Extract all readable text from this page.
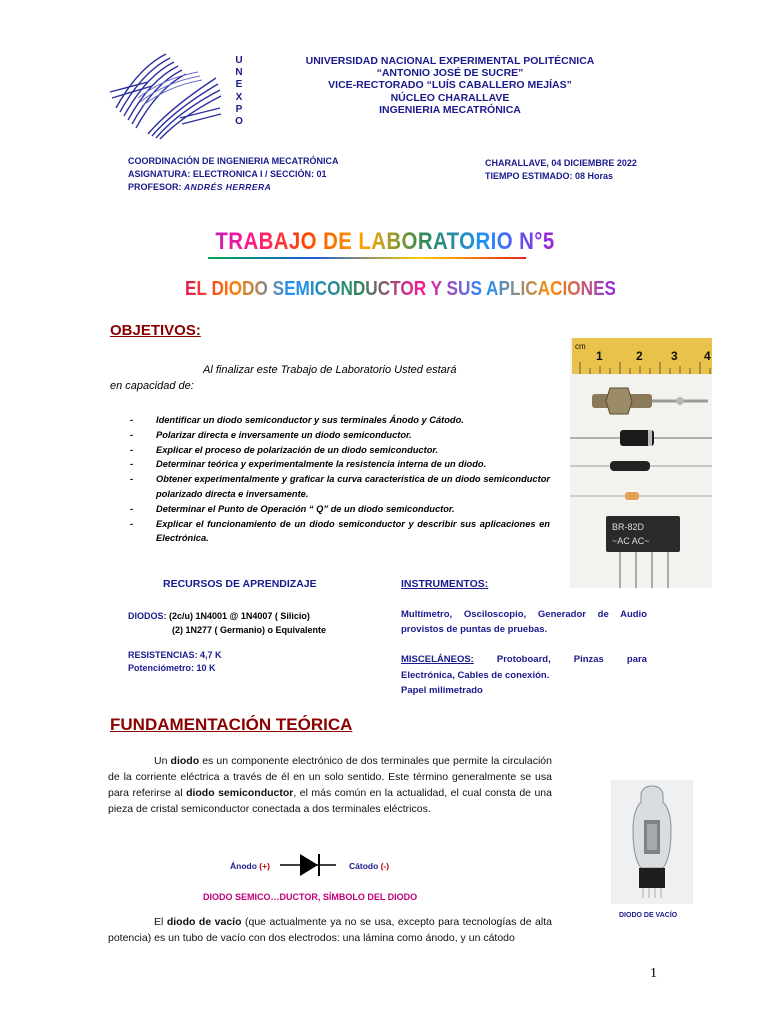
U
N
E
X
P
O
UNIVERSIDAD NACIONAL EXPERIMENTAL POLITÉCNICA
“ANTONIO JOSÉ DE SUCRE”
VICE-RECTORADO “LUÍS CABALLERO MEJÍAS”
NÚCLEO CHARALLAVE
INGENIERIA MECATRÓNICA
COORDINACIÓN DE INGENIERIA MECATRÓNICA
ASIGNATURA: ELECTRONICA I / SECCIÓN: 01
PROFESOR: ANDRÉS HERRERA
CHARALLAVE, 04 DICIEMBRE 2022
TIEMPO ESTIMADO: 08 Horas
TRABAJO DE LABORATORIO N°5
EL DIODO SEMICONDUCTOR Y SUS APLICACIONES
OBJETIVOS:
Al finalizar este Trabajo de Laboratorio Usted estará
en capacidad de:
- Identificar un diodo semiconductor y sus terminales Ánodo y Cátodo.
- Polarizar directa e inversamente un diodo semiconductor.
- Explicar el proceso de polarización de un diodo semiconductor.
- Determinar teórica y experimentalmente la resistencia interna de un diodo.
- Obtener experimentalmente y graficar la curva característica de un diodo semiconductor polarizado directa e inversamente.
- Determinar el Punto de Operación “ Q” de un diodo semiconductor.
- Explicar el funcionamiento de un diodo semiconductor y describir sus aplicaciones en Electrónica.
cm
1	2 3 4
BR-82D
~AC AC~
RECURSOS DE APRENDIZAJE	INSTRUMENTOS:
DIODOS: (2c/u) 1N4001 @ 1N4007 ( Silicio)
(2) 1N277 ( Germanio) o Equivalente
RESISTENCIAS: 4,7 K
Potenciómetro: 10 K
Multímetro, Osciloscopio, Generador de Audio provistos de puntas de pruebas.
MISCELÁNEOS: Protoboard, Pinzas para
Electrónica, Cables de conexión.
Papel milimetrado
FUNDAMENTACIÓN TEÓRICA
Un diodo es un componente electrónico de dos terminales que permite la circulación de la corriente eléctrica a través de él en un solo sentido. Este término generalmente se usa para referirse al diodo semiconductor, el más común en la actualidad, el cual consta de una pieza de cristal semiconductor conectada a dos terminales eléctricos.
Ánodo (+)	Cátodo (-)
DIODO SEMICO…DUCTOR, SÍMBOLO DEL DIODO
El diodo de vacío (que actualmente ya no se usa, excepto para tecnologías de alta potencia) es un tubo de vacío con dos electrodos: una lámina como ánodo, y un cátodo
DIODO DE VACÍO
1
